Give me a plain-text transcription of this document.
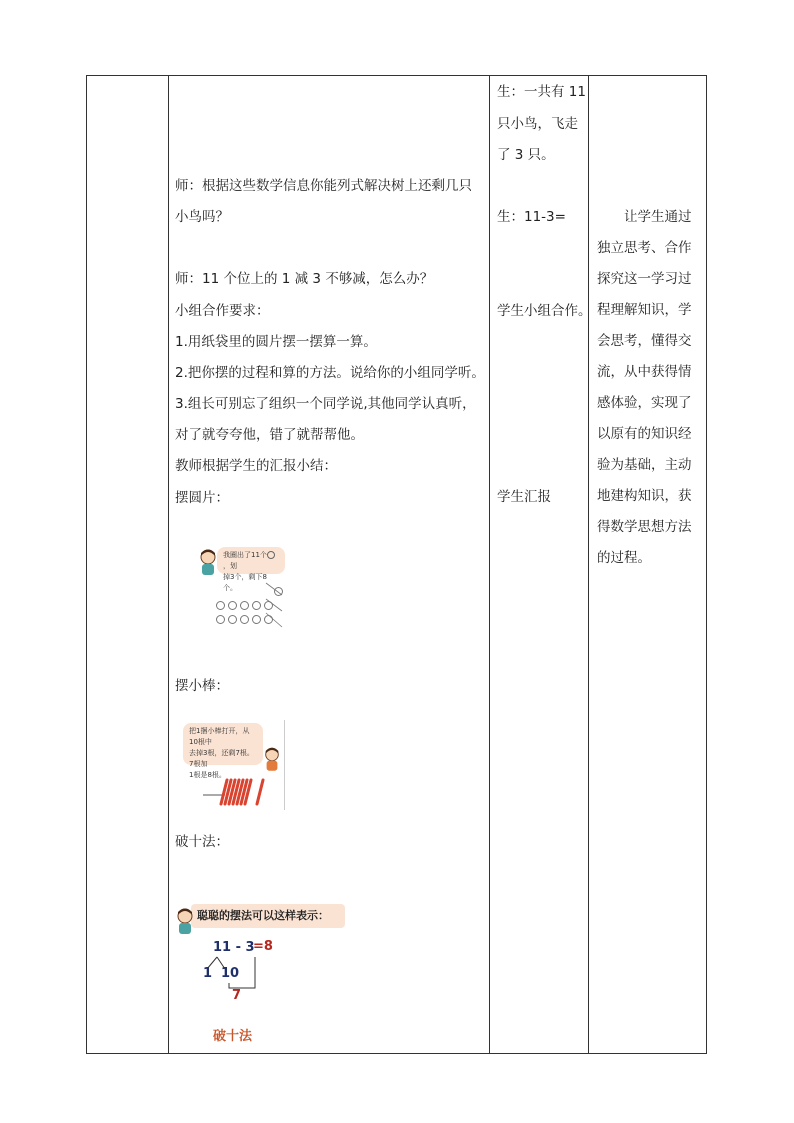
生：一共有 11
只小鸟，飞走
了 3 只。
生：11-3=
学生小组合作。
学生汇报
　　让学生通过
独立思考、合作
探究这一学习过
程理解知识，学
会思考，懂得交
流，从中获得情
感体验，实现了
以原有的知识经
验为基础，主动
地建构知识，获
得数学思想方法
的过程。
师：根据这些数学信息你能列式解决树上还剩几只
小鸟吗？
师：11 个位上的 1 减 3 不够减，怎么办？
小组合作要求：
1.用纸袋里的圆片摆一摆算一算。
2.把你摆的过程和算的方法。说给你的小组同学听。
3.组长可别忘了组织一个同学说,其他同学认真听，
对了就夸夸他，错了就帮帮他。
教师根据学生的汇报小结：
摆圆片：
我圈出了11个，划
掉3个，剩下8个。
摆小棒：
把1捆小棒打开，从10根中
去掉3根，还剩7根。7根加
1根是8根。
破十法：
聪聪的摆法可以这样表示：
11 - 3
=8
1 10
7
破十法
